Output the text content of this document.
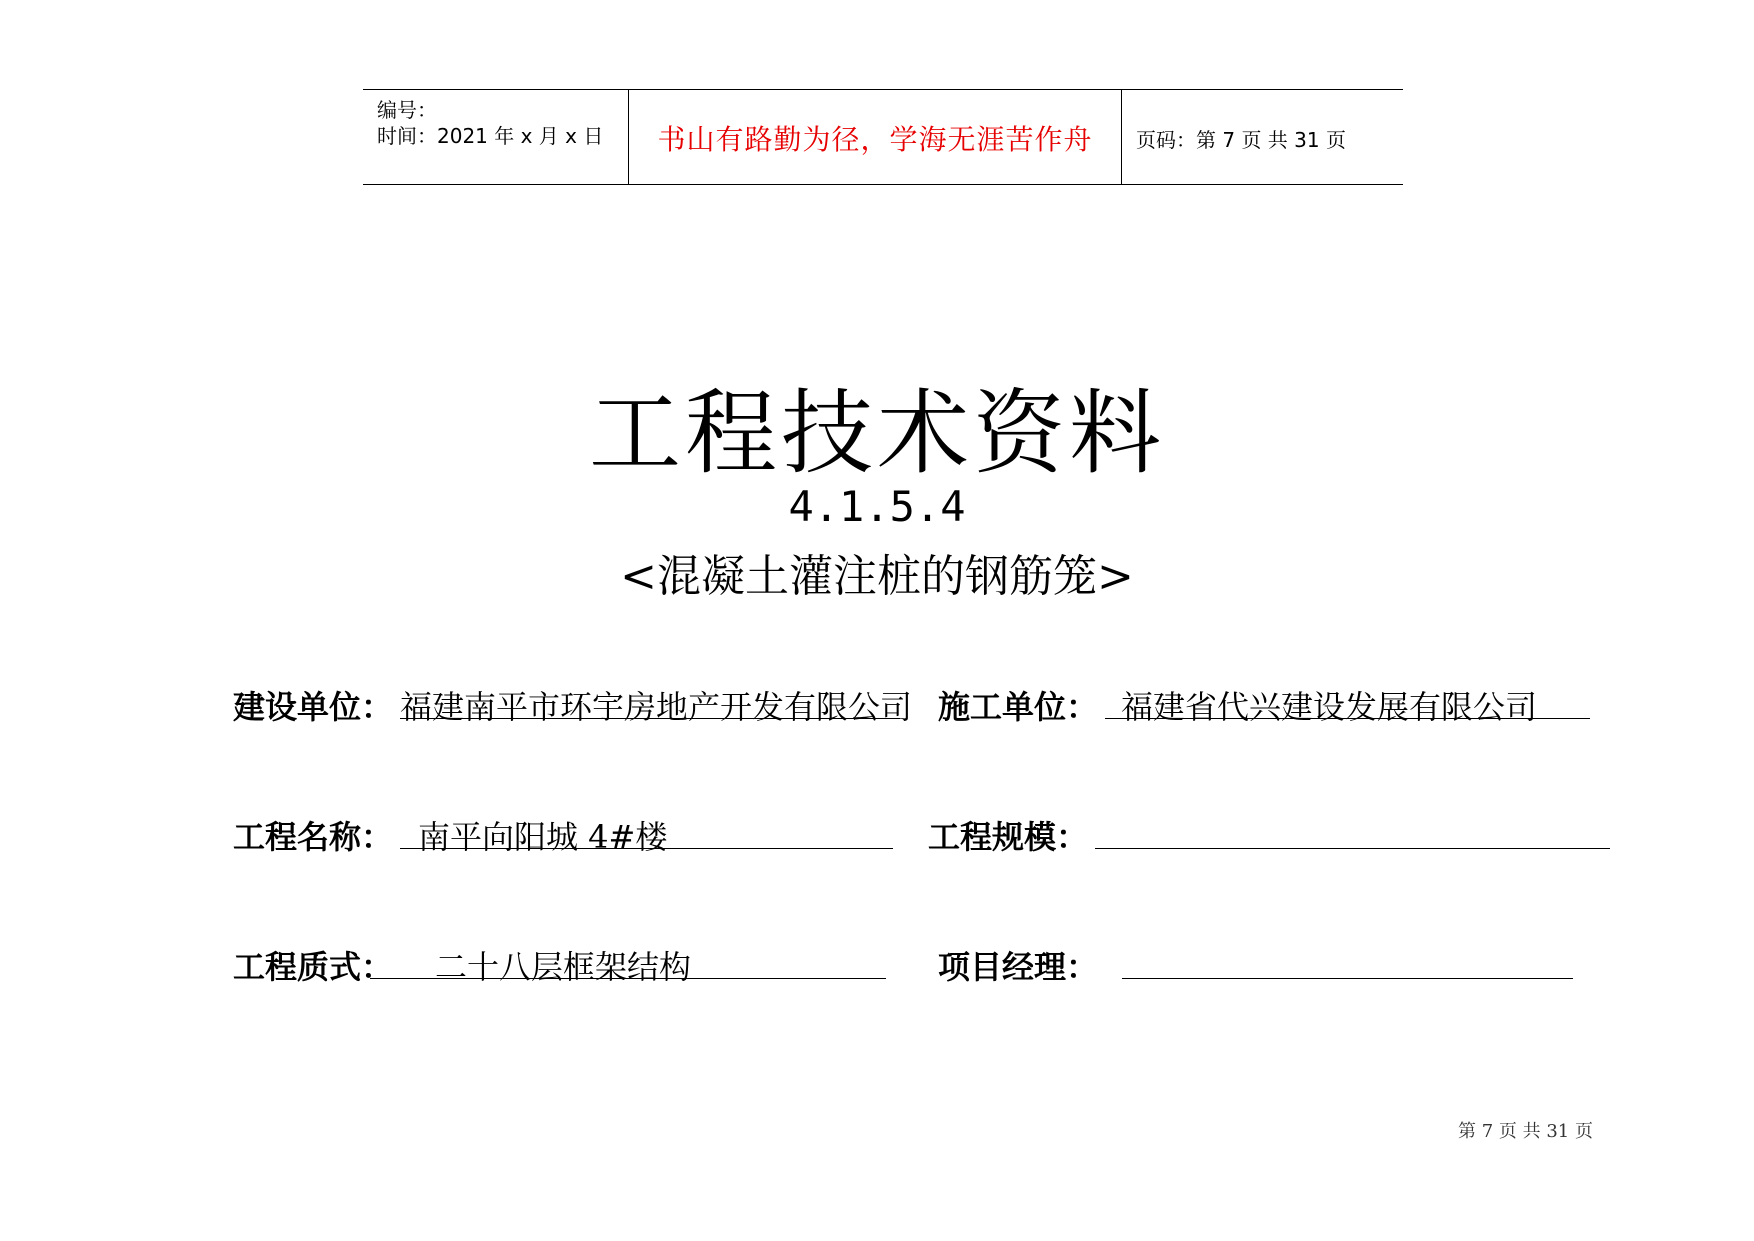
编号：
时间：2021 年 x 月 x 日	书山有路勤为径，学海无涯苦作舟	页码：第 7 页 共 31 页
工程技术资料
4.1.5.4
<混凝土灌注桩的钢筋笼>
建设单位： 福建南平市环宇房地产开发有限公司 施工单位： 福建省代兴建设发展有限公司
工程名称： 南平向阳城 4#楼	工程规模：
工程质式： 二十八层框架结构	项目经理：
第 7 页 共 31 页
